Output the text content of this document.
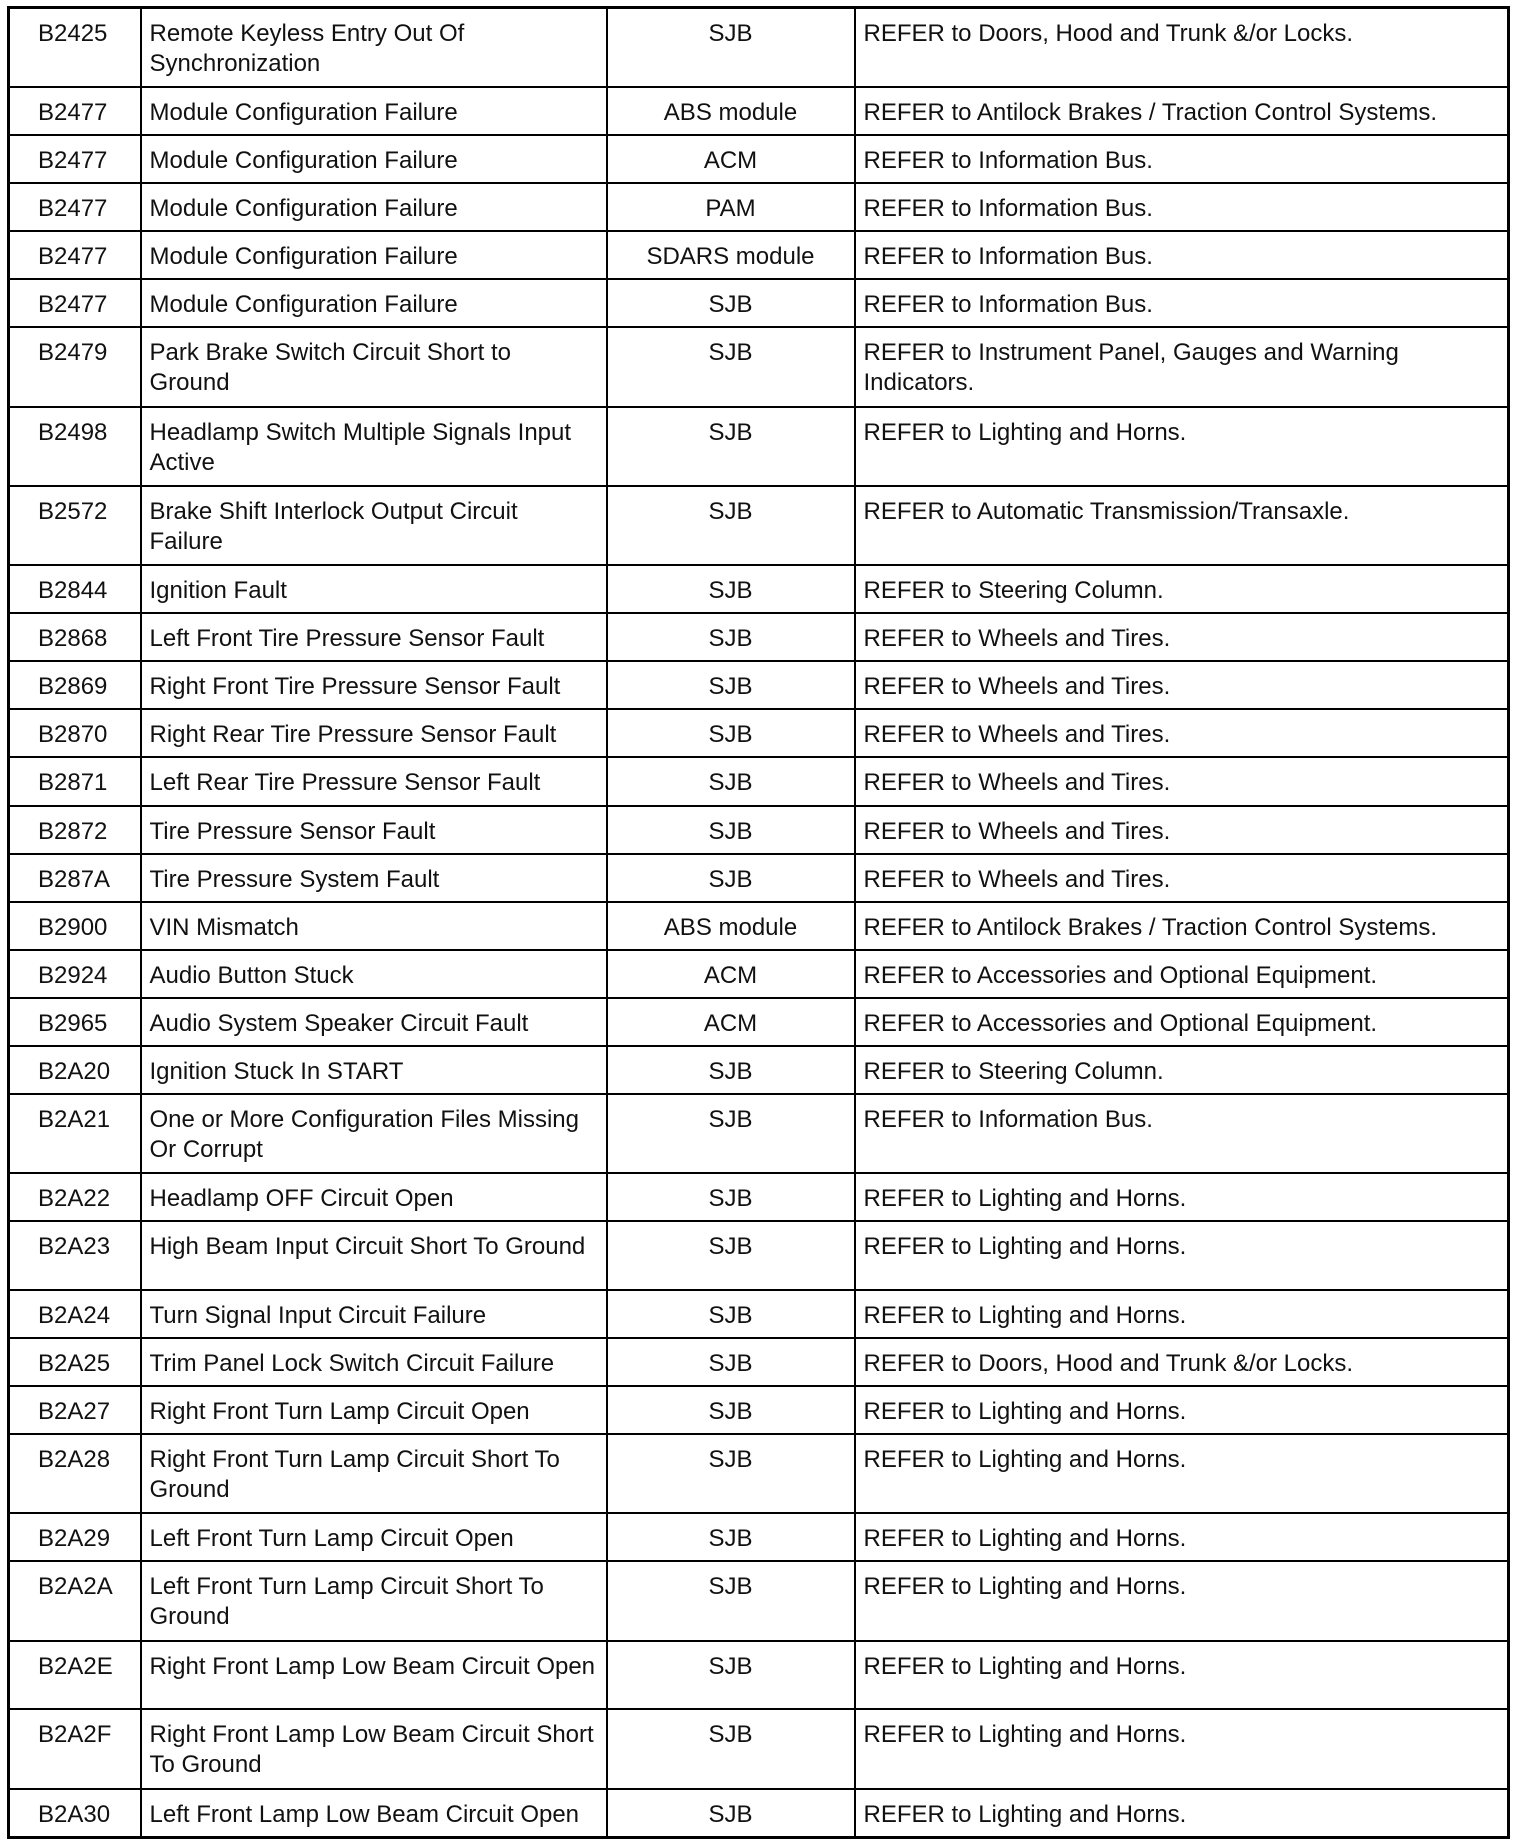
B2425	Remote Keyless Entry Out Of Synchronization	SJB	REFER to Doors, Hood and Trunk &/or Locks.
B2477	Module Configuration Failure	ABS module	REFER to Antilock Brakes / Traction Control Systems.
B2477	Module Configuration Failure	ACM	REFER to Information Bus.
B2477	Module Configuration Failure	PAM	REFER to Information Bus.
B2477	Module Configuration Failure	SDARS module	REFER to Information Bus.
B2477	Module Configuration Failure	SJB	REFER to Information Bus.
B2479	Park Brake Switch Circuit Short to Ground	SJB	REFER to Instrument Panel, Gauges and Warning Indicators.
B2498	Headlamp Switch Multiple Signals Input Active	SJB	REFER to Lighting and Horns.
B2572	Brake Shift Interlock Output Circuit Failure	SJB	REFER to Automatic Transmission/Transaxle.
B2844	Ignition Fault	SJB	REFER to Steering Column.
B2868	Left Front Tire Pressure Sensor Fault	SJB	REFER to Wheels and Tires.
B2869	Right Front Tire Pressure Sensor Fault	SJB	REFER to Wheels and Tires.
B2870	Right Rear Tire Pressure Sensor Fault	SJB	REFER to Wheels and Tires.
B2871	Left Rear Tire Pressure Sensor Fault	SJB	REFER to Wheels and Tires.
B2872	Tire Pressure Sensor Fault	SJB	REFER to Wheels and Tires.
B287A	Tire Pressure System Fault	SJB	REFER to Wheels and Tires.
B2900	VIN Mismatch	ABS module	REFER to Antilock Brakes / Traction Control Systems.
B2924	Audio Button Stuck	ACM	REFER to Accessories and Optional Equipment.
B2965	Audio System Speaker Circuit Fault	ACM	REFER to Accessories and Optional Equipment.
B2A20	Ignition Stuck In START	SJB	REFER to Steering Column.
B2A21	One or More Configuration Files Missing Or Corrupt	SJB	REFER to Information Bus.
B2A22	Headlamp OFF Circuit Open	SJB	REFER to Lighting and Horns.
B2A23	High Beam Input Circuit Short To Ground	SJB	REFER to Lighting and Horns.
B2A24	Turn Signal Input Circuit Failure	SJB	REFER to Lighting and Horns.
B2A25	Trim Panel Lock Switch Circuit Failure	SJB	REFER to Doors, Hood and Trunk &/or Locks.
B2A27	Right Front Turn Lamp Circuit Open	SJB	REFER to Lighting and Horns.
B2A28	Right Front Turn Lamp Circuit Short To Ground	SJB	REFER to Lighting and Horns.
B2A29	Left Front Turn Lamp Circuit Open	SJB	REFER to Lighting and Horns.
B2A2A	Left Front Turn Lamp Circuit Short To Ground	SJB	REFER to Lighting and Horns.
B2A2E	Right Front Lamp Low Beam Circuit Open	SJB	REFER to Lighting and Horns.
B2A2F	Right Front Lamp Low Beam Circuit Short To Ground	SJB	REFER to Lighting and Horns.
B2A30	Left Front Lamp Low Beam Circuit Open	SJB	REFER to Lighting and Horns.
